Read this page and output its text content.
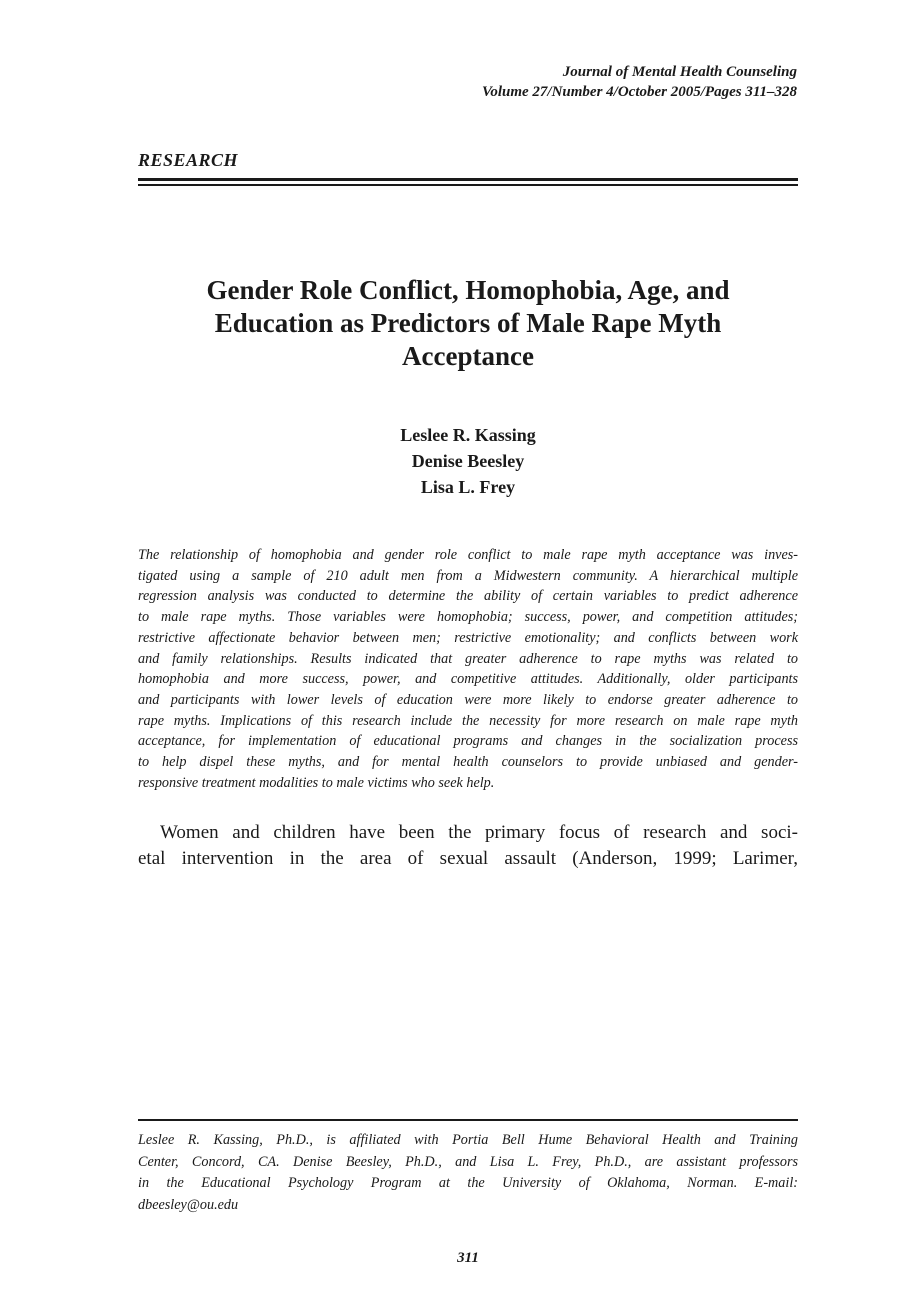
Journal of Mental Health Counseling
Volume 27/Number 4/October 2005/Pages 311–328
RESEARCH
Gender Role Conflict, Homophobia, Age, and
Education as Predictors of Male Rape Myth
Acceptance
Leslee R. Kassing
Denise Beesley
Lisa L. Frey
The relationship of homophobia and gender role conflict to male rape myth acceptance was inves-
tigated using a sample of 210 adult men from a Midwestern community. A hierarchical multiple
regression analysis was conducted to determine the ability of certain variables to predict adherence
to male rape myths. Those variables were homophobia; success, power, and competition attitudes;
restrictive affectionate behavior between men; restrictive emotionality; and conflicts between work
and family relationships. Results indicated that greater adherence to rape myths was related to
homophobia and more success, power, and competitive attitudes. Additionally, older participants
and participants with lower levels of education were more likely to endorse greater adherence to
rape myths. Implications of this research include the necessity for more research on male rape myth
acceptance, for implementation of educational programs and changes in the socialization process
to help dispel these myths, and for mental health counselors to provide unbiased and gender-
responsive treatment modalities to male victims who seek help.
Women and children have been the primary focus of research and soci-
etal intervention in the area of sexual assault (Anderson, 1999; Larimer,
Leslee R. Kassing, Ph.D., is affiliated with Portia Bell Hume Behavioral Health and Training
Center, Concord, CA. Denise Beesley, Ph.D., and Lisa L. Frey, Ph.D., are assistant professors
in the Educational Psychology Program at the University of Oklahoma, Norman. E-mail:
dbeesley@ou.edu
311
